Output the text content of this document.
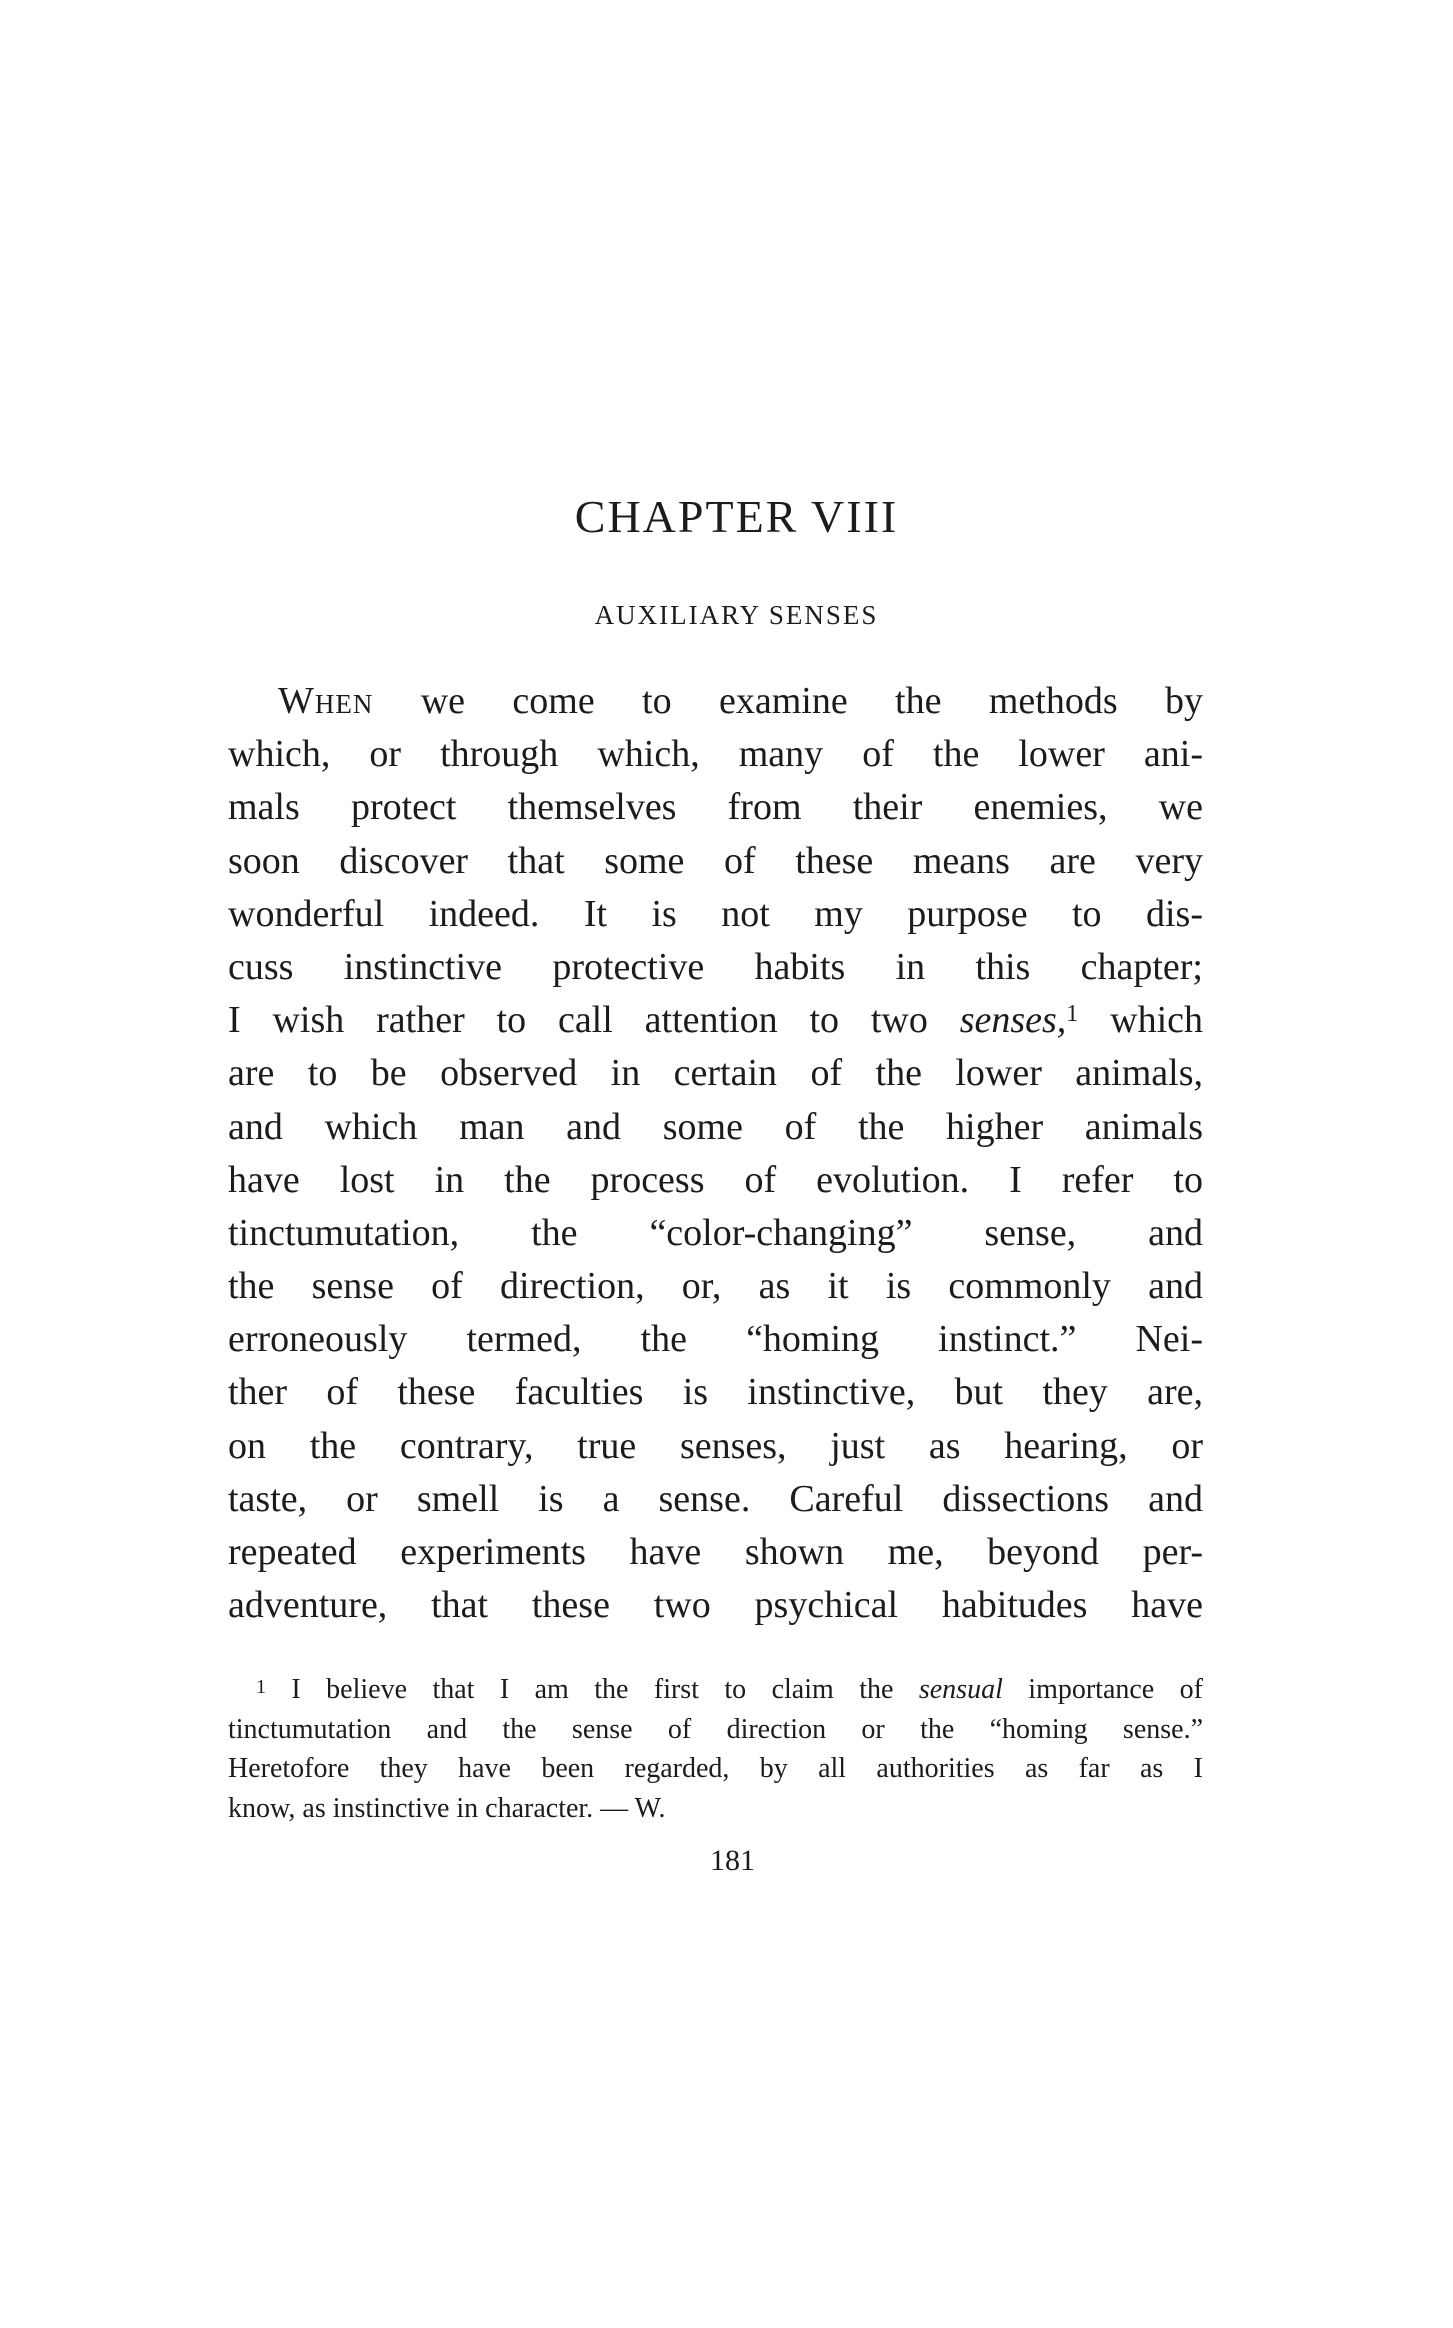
CHAPTER VIII
AUXILIARY SENSES
When we come to examine the methods by
which, or through which, many of the lower ani-
mals protect themselves from their enemies, we
soon discover that some of these means are very
wonderful indeed. It is not my purpose to dis-
cuss instinctive protective habits in this chapter;
I wish rather to call attention to two senses,$^1$ which
are to be observed in certain of the lower animals,
and which man and some of the higher animals
have lost in the process of evolution. I refer to
tinctumutation, the “color-changing” sense, and
the sense of direction, or, as it is commonly and
erroneously termed, the “homing instinct.” Nei-
ther of these faculties is instinctive, but they are,
on the contrary, true senses, just as hearing, or
taste, or smell is a sense. Careful dissections and
repeated experiments have shown me, beyond per-
adventure, that these two psychical habitudes have
$^1$ I believe that I am the first to claim the sensual importance of
tinctumutation and the sense of direction or the “homing sense.”
Heretofore they have been regarded, by all authorities as far as I
know, as instinctive in character. — W.
181
